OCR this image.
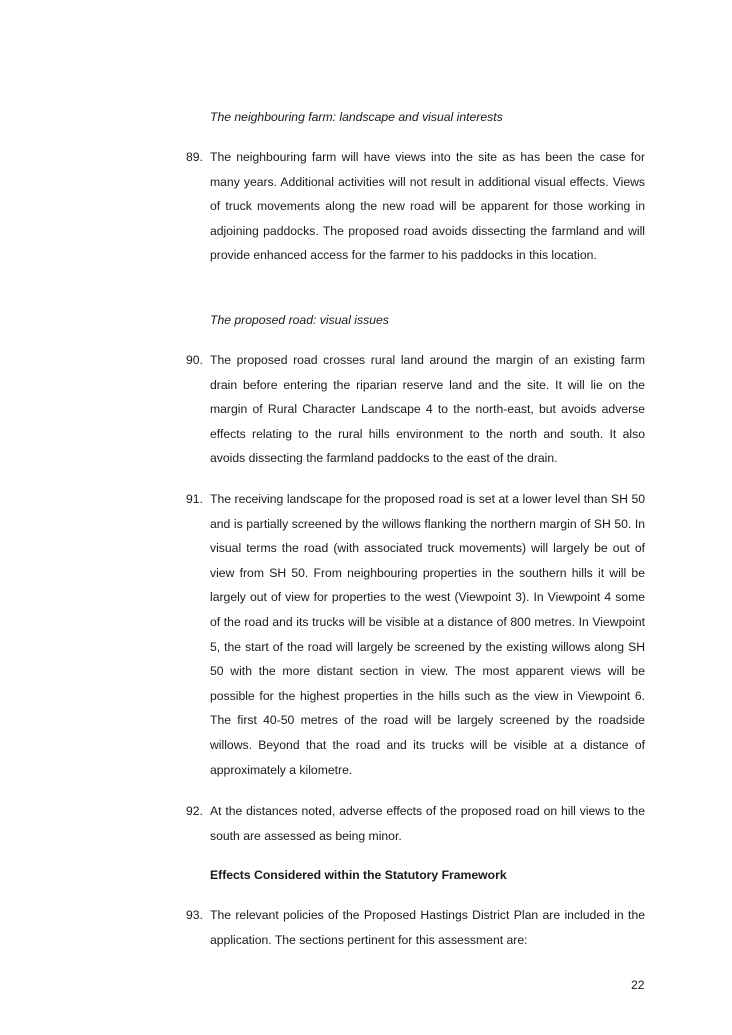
The neighbouring farm: landscape and visual interests
89. The neighbouring farm will have views into the site as has been the case for many years. Additional activities will not result in additional visual effects. Views of truck movements along the new road will be apparent for those working in adjoining paddocks. The proposed road avoids dissecting the farmland and will provide enhanced access for the farmer to his paddocks in this location.
The proposed road: visual issues
90. The proposed road crosses rural land around the margin of an existing farm drain before entering the riparian reserve land and the site. It will lie on the margin of Rural Character Landscape 4 to the north-east, but avoids adverse effects relating to the rural hills environment to the north and south. It also avoids dissecting the farmland paddocks to the east of the drain.
91. The receiving landscape for the proposed road is set at a lower level than SH 50 and is partially screened by the willows flanking the northern margin of SH 50. In visual terms the road (with associated truck movements) will largely be out of view from SH 50. From neighbouring properties in the southern hills it will be largely out of view for properties to the west (Viewpoint 3). In Viewpoint 4 some of the road and its trucks will be visible at a distance of 800 metres. In Viewpoint 5, the start of the road will largely be screened by the existing willows along SH 50 with the more distant section in view. The most apparent views will be possible for the highest properties in the hills such as the view in Viewpoint 6. The first 40-50 metres of the road will be largely screened by the roadside willows. Beyond that the road and its trucks will be visible at a distance of approximately a kilometre.
92. At the distances noted, adverse effects of the proposed road on hill views to the south are assessed as being minor.
Effects Considered within the Statutory Framework
93. The relevant policies of the Proposed Hastings District Plan are included in the application. The sections pertinent for this assessment are:
22
